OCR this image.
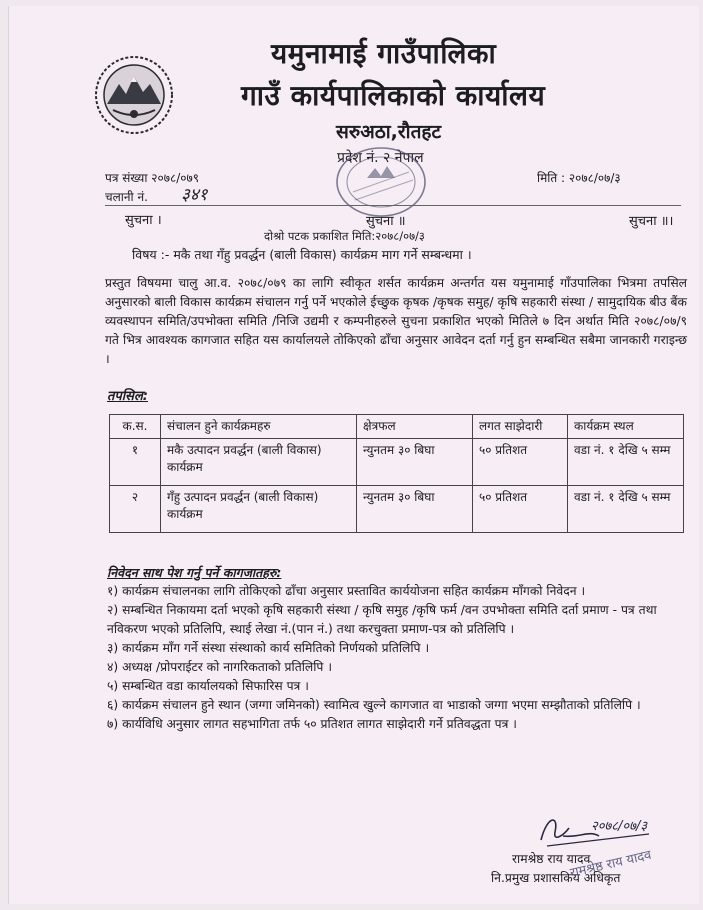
यमुनामाई गाउँपालिका
गाउँ कार्यपालिकाको कार्यालय
सरुअठा,रौतहट
प्रदेश नं. २ नेपाल
पत्र संख्या २०७८/०७९
चलानी नं. ३४१
मिति : २०७८/०७/३
सुचना ।	सुचना ॥	सुचना ॥।
दोश्रो पटक प्रकाशित मिति:२०७८/०७/३
विषय :- मकै तथा गँहु प्रवर्द्धन (बाली विकास) कार्यक्रम माग गर्ने सम्बन्धमा ।
प्रस्तुत विषयमा चालु आ.व. २०७८/०७९ का लागि स्वीकृत शर्सत कार्यक्रम अन्तर्गत यस यमुनामाई गाँउपालिका भित्रमा तपसिल अनुसारको बाली विकास कार्यक्रम संचालन गर्नु पर्ने भएकोले ईच्छुक कृषक /कृषक समुह/ कृषि सहकारी संस्था / सामुदायिक बीउ बैंक व्यवस्थापन समिति/उपभोक्ता समिति /निजि उद्यमी र कम्पनीहरुले सुचना प्रकाशित भएको मितिले ७ दिन अर्थात मिति २०७८/०७/९ गते भित्र आवश्यक कागजात सहित यस कार्यालयले तोकिएको ढाँचा अनुसार आवेदन दर्ता गर्नु हुन सम्बन्धित सबैमा जानकारी गराइन्छ ।
तपसिल:
क.स.	संचालन हुने कार्यक्रमहरु	क्षेत्रफल	लगत साझेदारी	कार्यक्रम स्थल
१	मकै उत्पादन प्रवर्द्धन (बाली विकास) कार्यक्रम	न्युनतम ३० बिघा	५० प्रतिशत	वडा नं. १ देखि ५ सम्म
२	गँहु उत्पादन प्रवर्द्धन (बाली विकास) कार्यक्रम	न्युनतम ३० बिघा	५० प्रतिशत	वडा नं. १ देखि ५ सम्म
निवेदन साथ पेश गर्नु पर्ने कागजातहरु:
१) कार्यक्रम संचालनका लागि तोकिएको ढाँचा अनुसार प्रस्तावित कार्ययोजना सहित कार्यक्रम माँगको निवेदन ।
२) सम्बन्धित निकायमा दर्ता भएको कृषि सहकारी संस्था / कृषि समुह /कृषि फर्म /वन उपभोक्ता समिति दर्ता प्रमाण - पत्र तथा नविकरण भएको प्रतिलिपि, स्थाई लेखा नं.(पान नं.) तथा करचुक्ता प्रमाण-पत्र को प्रतिलिपि ।
३) कार्यक्रम माँग गर्ने संस्था संस्थाको कार्य समितिको निर्णयको प्रतिलिपि ।
४) अध्यक्ष /प्रोपराईटर को नागरिकताको प्रतिलिपि ।
५) सम्बन्धित वडा कार्यालयको सिफारिस पत्र ।
६) कार्यक्रम संचालन हुने स्थान (जग्गा जमिनको) स्वामित्व खुल्ने कागजात वा भाडाको जग्गा भएमा सम्झौताको प्रतिलिपि ।
७) कार्यविधि अनुसार लागत सहभागिता तर्फ ५० प्रतिशत लागत साझेदारी गर्ने प्रतिवद्धता पत्र ।
२०७८/०७/३
रामश्रेष्ठ राय यादव
नि.प्रमुख प्रशासकिय अधिकृत
रामश्रेष्ठ राय यादव
